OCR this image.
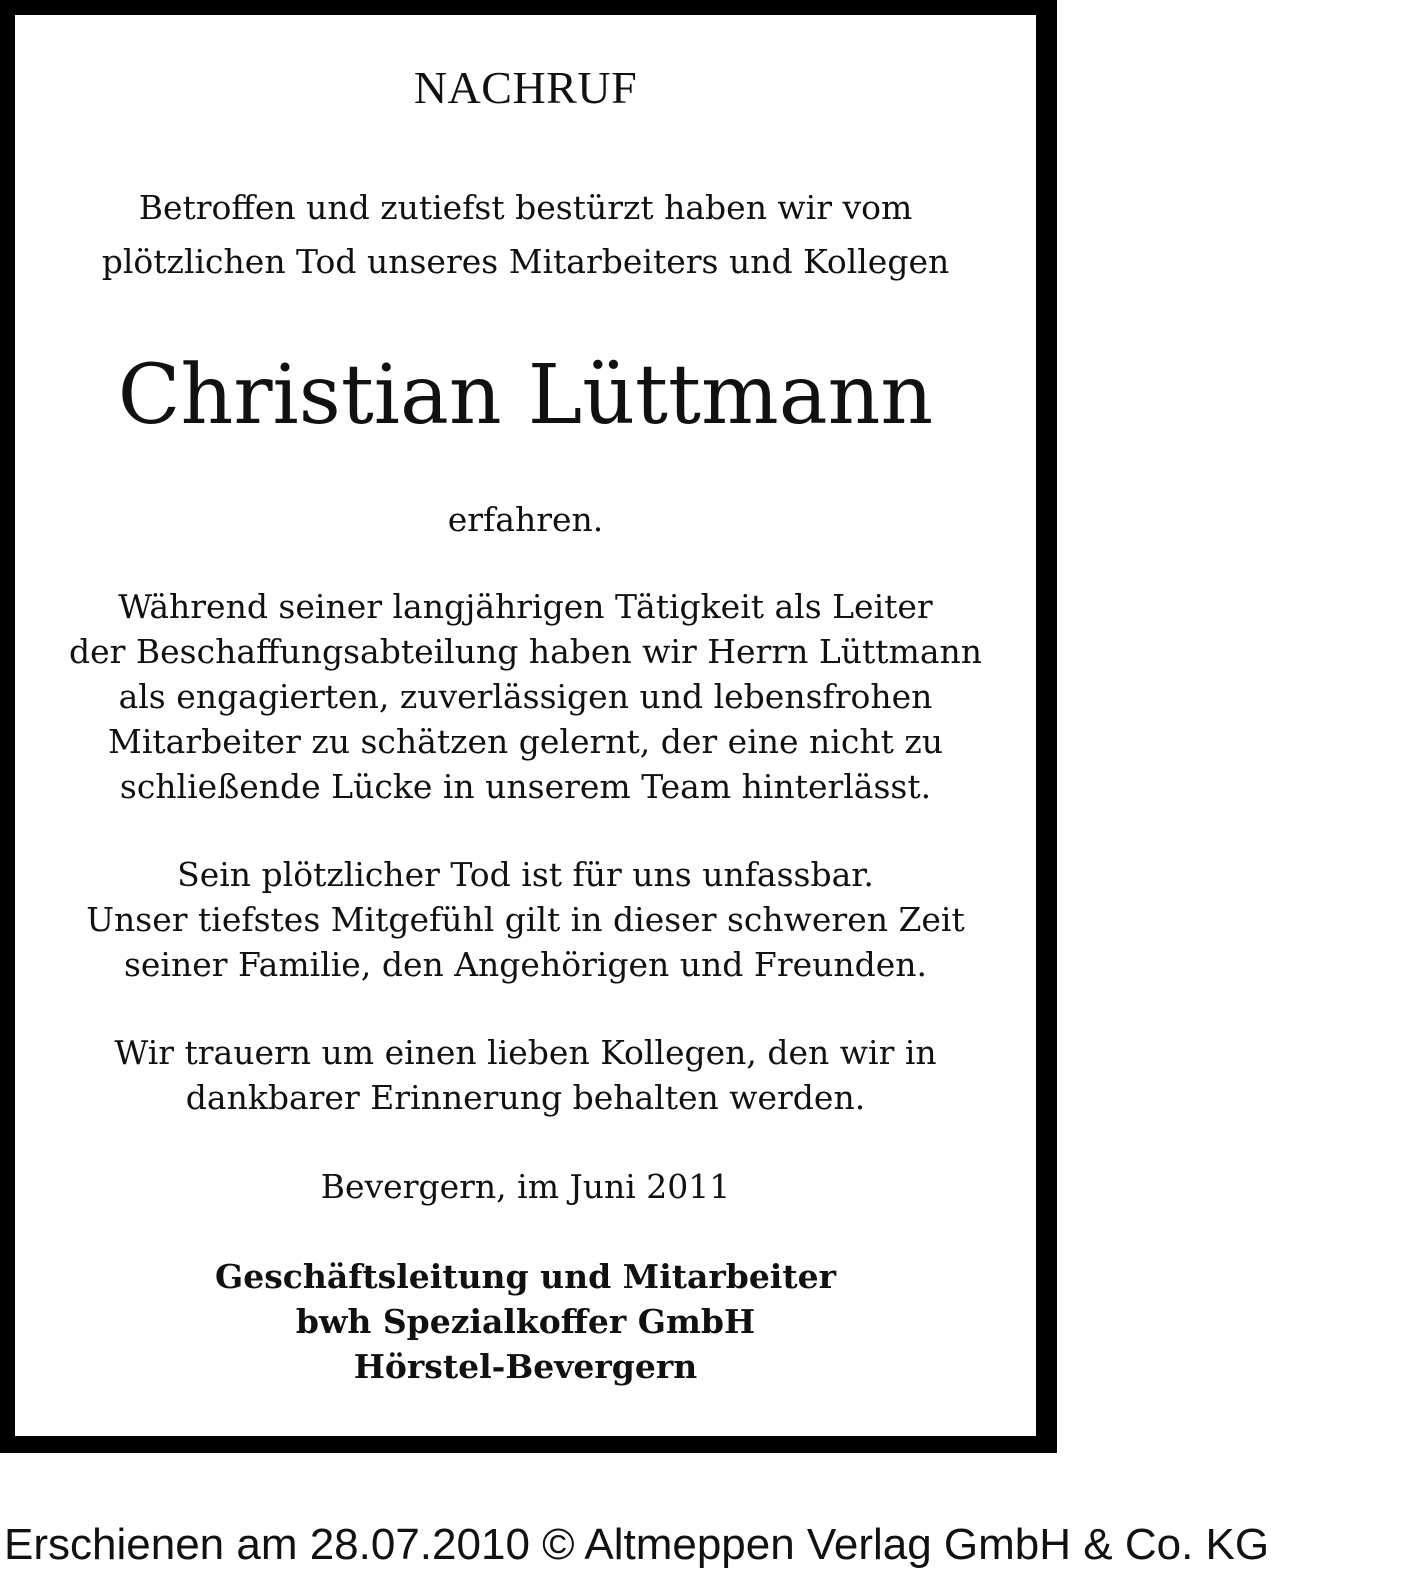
NACHRUF
Betroffen und zutiefst bestürzt haben wir vom
plötzlichen Tod unseres Mitarbeiters und Kollegen
Christian Lüttmann
erfahren.
Während seiner langjährigen Tätigkeit als Leiter
der Beschaffungsabteilung haben wir Herrn Lüttmann
als engagierten, zuverlässigen und lebensfrohen
Mitarbeiter zu schätzen gelernt, der eine nicht zu
schließende Lücke in unserem Team hinterlässt.
Sein plötzlicher Tod ist für uns unfassbar.
Unser tiefstes Mitgefühl gilt in dieser schweren Zeit
seiner Familie, den Angehörigen und Freunden.
Wir trauern um einen lieben Kollegen, den wir in
dankbarer Erinnerung behalten werden.
Bevergern, im Juni 2011
Geschäftsleitung und Mitarbeiter
bwh Spezialkoffer GmbH
Hörstel-Bevergern
Erschienen am 28.07.2010 © Altmeppen Verlag GmbH & Co. KG
